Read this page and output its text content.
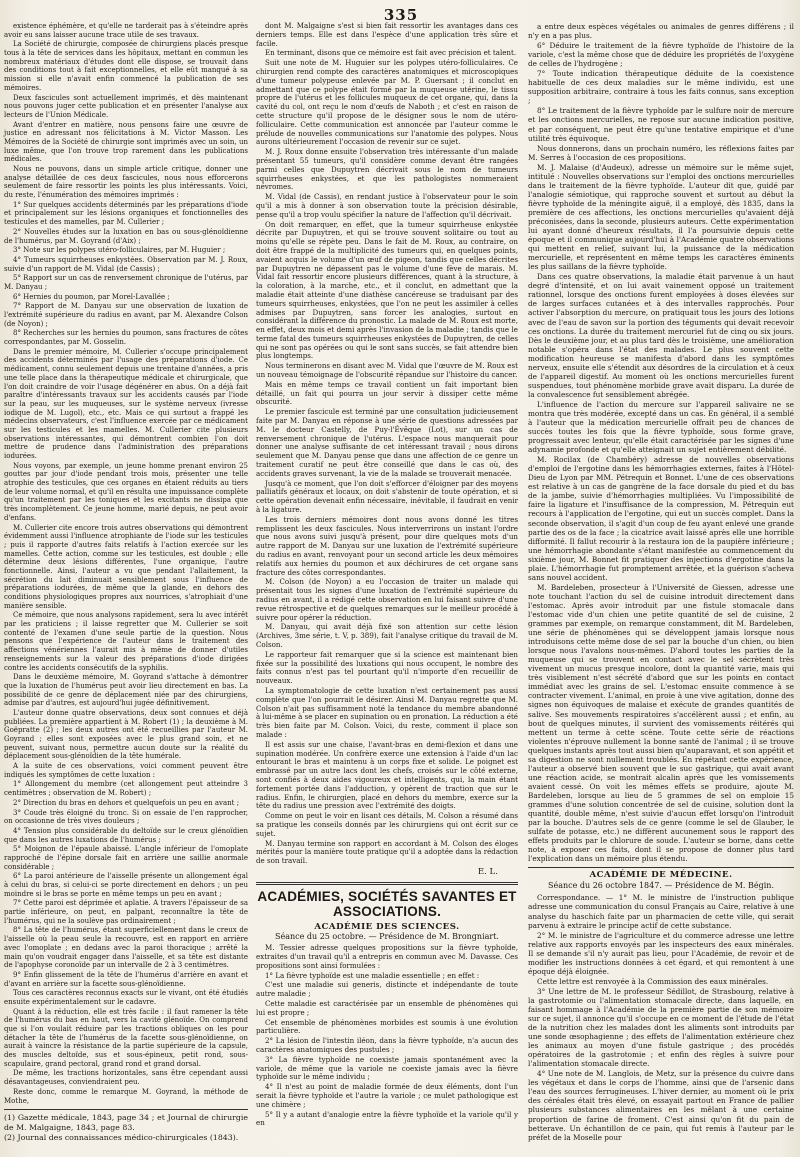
335

existence éphémère, et qu'elle ne tarderait pas à s'éteindre après avoir eu sans laisser aucune trace utile de ses travaux.

La Société de chirurgie, composée de chirurgiens placés presque tous à la tête de services dans les hôpitaux, mettant en commun les nombreux matériaux d'études dont elle dispose, se trouvait dans des conditions tout à fait exceptionnelles, et elle eût manqué à sa mission si elle n'avait enfin commencé la publication de ses mémoires.

Deux fascicules sont actuellement imprimés, et dès maintenant nous pouvons juger cette publication et en présenter l'analyse aux lecteurs de l'Union Médicale.

Avant d'entrer en matière, nous pensons faire une œuvre de justice en adressant nos félicitations à M. Victor Masson. Les Mémoires de la Société de chirurgie sont imprimés avec un soin, un luxe même, que l'on trouve trop rarement dans les publications médicales.

Nous ne pouvons, dans un simple article critique, donner une analyse détaillée de ces deux fascicules, nous nous efforcerons seulement de faire ressortir les points les plus intéressants. Voici, du reste, l'énumération des mémoires imprimés :

1° Sur quelques accidents déterminés par les préparations d'iode et principalement sur les lésions organiques et fonctionnelles des testicules et des mamelles, par M. Cullerier ;

2° Nouvelles études sur la luxation en bas ou sous-glénoïdienne de l'humérus, par M. Goyrand (d'Aix) ;

3° Note sur les polypes utéro-folliculaires, par M. Huguier ;

4° Tumeurs squirrheuses enkystées. Observation par M. J. Roux, suivie d'un rapport de M. Vidal (de Cassis) ;

5° Rapport sur un cas de renversement chronique de l'utérus, par M. Danyau ;

6° Hernies du poumon, par Morel-Lavallée ;

7° Rapport de M. Danyau sur une observation de luxation de l'extrémité supérieure du radius en avant, par M. Alexandre Colson (de Noyon) ;

8° Recherches sur les hernies du poumon, sans fractures de côtes correspondantes, par M. Gosselin.

Dans le premier mémoire, M. Cullerier s'occupe principalement des accidents déterminés par l'usage des préparations d'iode. Ce médicament, connu seulement depuis une trentaine d'années, a pris une telle place dans la thérapeutique médicale et chirurgicale, que l'on doit craindre de voir l'usage dégénérer en abus. On a déjà fait paraître d'intéressants travaux sur les accidents causés par l'iode sur la peau, sur les muqueuses, sur le système nerveux (ivresse iodique de M. Lugol), etc., etc. Mais ce qui surtout a frappé les médecins observateurs, c'est l'influence exercée par ce médicament sur les testicules et les mamelles. M. Cullerier cite plusieurs observations intéressantes, qui démontrent combien l'on doit mettre de prudence dans l'administration des préparations iodurées.

Nous voyons, par exemple, un jeune homme prenant environ 25 gouttes par jour d'iode pendant trois mois, présenter une telle atrophie des testicules, que ces organes en étaient réduits au tiers de leur volume normal, et qu'il en résulta une impuissance complète qu'un traitement par les toniques et les excitants ne dissipa que très incomplètement. Ce jeune homme, marié depuis, ne peut avoir d'enfans.

M. Cullerier cite encore trois autres observations qui démontrent évidemment aussi l'influence atrophiante de l'iode sur les testicules ; puis il rapporte d'autres faits relatifs à l'action exercée sur les mamelles. Cette action, comme sur les testicules, est double ; elle détermine deux lésions différentes, l'une organique, l'autre fonctionnelle. Ainsi, l'auteur a vu que pendant l'allaitement, la sécrétion du lait diminuait sensiblement sous l'influence de préparations iodurées, de même que la glande, en dehors des conditions physiologiques propres aux nourrices, s'atrophiait d'une manière sensible.

Ce mémoire, que nous analysons rapidement, sera lu avec intérêt par les praticiens ; il laisse regretter que M. Cullerier se soit contenté de l'examen d'une seule partie de la question. Nous pensons que l'expérience de l'auteur dans le traitement des affections vénériennes l'aurait mis à même de donner d'utiles renseignements sur la valeur des préparations d'iode dirigées contre les accidents consécutifs de la syphilis.

Dans le deuxième mémoire, M. Goyrand s'attache à démontrer que la luxation de l'humérus peut avoir lieu directement en bas. La possibilité de ce genre de déplacement niée par des chirurgiens, admise par d'autres, est aujourd'hui jugée définitivement.

L'auteur donne quatre observations, deux sont connues et déjà publiées. La première appartient à M. Robert (1) ; la deuxième à M. Goëpratte (2) ; les deux autres ont été recueillies par l'auteur M. Goyrand ; elles sont exposées avec le plus grand soin, et ne peuvent, suivant nous, permettre aucun doute sur la réalité du déplacement sous-glénoïdien de la tête humérale.

A la suite de ces observations, voici comment peuvent être indiqués les symptômes de cette luxation :

1° Allongement du membre (cet allongement peut atteindre 3 centimètres ; observation de M. Robert) ;

2° Direction du bras en dehors et quelquefois un peu en avant ;

3° Coude très éloigné du tronc. Si on essaie de l'en rapprocher, on occasionne de très vives douleurs ;

4° Tension plus considérable du deltoïde sur le creux glénoïdien que dans les autres luxations de l'humérus ;

5° Moignon de l'épaule abaissé. L'angle inférieur de l'omoplate rapproché de l'épine dorsale fait en arrière une saillie anormale considérable ;

6° La paroi antérieure de l'aisselle présente un allongement égal à celui du bras, si celui-ci se porte directement en dehors ; un peu moindre si le bras se porte en même temps un peu en avant ;

7° Cette paroi est déprimée et aplatie. A travers l'épaisseur de sa partie inférieure, on peut, en palpant, reconnaître la tête de l'humérus, qui ne la soulève pas ordinairement ;

8° La tête de l'humérus, étant superficiellement dans le creux de l'aisselle où la peau seule la recouvre, est en rapport en arrière avec l'omoplate ; en dedans avec la paroi thoracique ; arrêté la main qu'on voudrait engager dans l'aisselle, et sa tête est distante de l'apophyse coronoïde par un intervalle de 2 à 3 centimètres.

9° Enfin glissement de la tête de l'humérus d'arrière en avant et d'avant en arrière sur la facette sous-glénoïdienne.

Tous ces caractères reconnus exacts sur le vivant, ont été étudiés ensuite expérimentalement sur le cadavre.

Quant à la réduction, elle est très facile : il faut ramener la tête de l'humérus du bas en haut, vers la cavité glénoïde. On comprend que si l'on voulait réduire par les tractions obliques on les pour détacher la tête de l'humérus de la facette sous-glénoïdienne, on aurait à vaincre la résistance de la partie supérieure de la capsule, des muscles deltoïde, sus et sous-épineux, petit rond, sous-scapulaire, grand pectoral, grand rond et grand dorsal.

De même, les tractions horizontales, sans être cependant aussi désavantageuses, conviendraient peu.

Reste donc, comme le remarque M. Goyrand, la méthode de Mothe,

(1) Gazette médicale, 1843, page 34 ; et Journal de chirurgie de M. Malgaigne, 1843, page 83.

(2) Journal des connaissances médico-chirurgicales (1843).

dont M. Malgaigne s'est si bien fait ressortir les avantages dans ces derniers temps. Elle est dans l'espèce d'une application très sûre et facile.

En terminant, disons que ce mémoire est fait avec précision et talent.

Suit une note de M. Huguier sur les polypes utéro-folliculaires. Ce chirurgien rend compte des caractères anatomiques et microscopiques d'une tumeur polypeuse enlevée par M. P. Guersant ; il conclut en admettant que ce polype était formé par la muqueuse utérine, le tissu propre de l'utérus et les follicules muqueux de cet organe, qui, dans la cavité du col, ont reçu le nom d'œufs de Naboth ; et c'est en raison de cette structure qu'il propose de le désigner sous le nom de utéro-folliculaire. Cette communication est annoncée par l'auteur comme le prélude de nouvelles communications sur l'anatomie des polypes. Nous aurons ultérieurement l'occasion de revenir sur ce sujet.

M. J. Roux donne ensuite l'observation très intéressante d'un malade présentant 55 tumeurs, qu'il considère comme devant être rangées parmi celles que Dupuytren décrivait sous le nom de tumeurs squirrheuses enkystées, et que les pathologistes nommeraient névromes.

M. Vidal (de Cassis), en rendant justice à l'observateur pour le soin qu'il a mis à donner à son observation toute la précision désirable, pense qu'il a trop voulu spécifier la nature de l'affection qu'il décrivait.

On doit remarquer, en effet, que la tumeur squirrheuse enkystée décrite par Dupuytren, et qui se trouve souvent solitaire ou tout au moins qu'elle se répète peu. Dans le fait de M. Roux, au contraire, on doit être frappé de la multiplicité des tumeurs qui, en quelques points, avaient acquis le volume d'un œuf de pigeon, tandis que celles décrites par Dupuytren ne dépassent pas le volume d'une fève de marais. M. Vidal fait ressortir encore plusieurs différences, quant à la structure, à la coloration, à la marche, etc., et il conclut, en admettant que la maladie était atteinte d'une diathèse cancéreuse se traduisant par des tumeurs squirrheuses, enkystées, que l'on ne peut les assimiler à celles admises par Dupuytren, sans forcer les analogies, surtout en considérant la différence du pronostic. La malade de M. Roux est morte, en effet, deux mois et demi après l'invasion de la maladie ; tandis que le terme fatal des tumeurs squirrheuses enkystées de Dupuytren, de celles qui ne sont pas opérées ou qui le sont sans succès, se fait attendre bien plus longtemps.

Nous terminerons en disant avec M. Vidal que l'œuvre de M. Roux est un nouveau témoignage de l'obscurité répandue sur l'histoire du cancer.

Mais en même temps ce travail contient un fait important bien détaillé, un fait qui pourra un jour servir à dissiper cette même obscurité.

Le premier fascicule est terminé par une consultation judicieusement faite par M. Danyau en réponse à une série de questions adressées par M. le docteur Castelly, de Puy-l'Évêque (Lot), sur un cas de renversement chronique de l'utérus. L'espace nous manquerait pour donner une analyse suffisante de cet intéressant travail ; nous dirons seulement que M. Danyau pense que dans une affection de ce genre un traitement curatif ne peut être conseillé que dans le cas où, des accidents graves survenant, la vie de la malade se trouverait menacée.

Jusqu'à ce moment, que l'on doit s'efforcer d'éloigner par des moyens palliatifs généraux et locaux, on doit s'abstenir de toute opération, et si cette opération devenait enfin nécessaire, inévitable, il faudrait en venir à la ligature.

Les trois derniers mémoires dont nous avons donné les titres remplissent les deux fascicules. Nous interverrirons un instant l'ordre que nous avons suivi jusqu'à présent, pour dire quelques mots d'un autre rapport de M. Danyau sur une luxation de l'extrémité supérieure du radius en avant, renvoyant pour un second article les deux mémoires relatifs aux hernies du poumon et aux déchirures de cet organe sans fracture des côtes correspondantes.

M. Colson (de Noyon) a eu l'occasion de traiter un malade qui présentait tous les signes d'une luxation de l'extrémité supérieure du radius en avant, il a rédigé cette observation en lui faisant suivre d'une revue rétrospective et de quelques remarques sur le meilleur procédé à suivre pour opérer la réduction.

M. Danyau, qui avait déjà fixé son attention sur cette lésion (Archives, 3me série, t. V, p. 389), fait l'analyse critique du travail de M. Colson.

Le rapporteur fait remarquer que si la science est maintenant bien fixée sur la possibilité des luxations qui nous occupent, le nombre des faits connus n'est pas tel pourtant qu'il n'importe d'en recueillir de nouveaux.

La symptomatologie de cette luxation n'est certainement pas aussi complète que l'on pourrait le désirer. Ainsi M. Danyau regrette que M. Colson n'ait pas suffisamment noté la tendance du membre abandonné à lui-même à se placer en supination ou en pronation. La réduction a été très bien faite par M. Colson. Voici, du reste, comment il place son malade :

Il est assis sur une chaise, l'avant-bras en demi-flexion et dans une supination modérée. Un confrère exerce une extension à l'aide d'un lac entourant le bras et maintenu à un corps fixe et solide. Le poignet est embrassé par un autre lacs dont les chefs, croisés sur le côté externe, sont confiés à deux aides vigoureux et intelligents, qui, la main étant fortement portée dans l'adduction, y opèrent de traction que sur le radius. Enfin, le chirurgien, placé en dehors du membre, exerce sur la tête du radius une pression avec l'extrémité des doigts.

Comme on peut le voir en lisant ces détails, M. Colson a résumé dans sa pratique les conseils donnés par les chirurgiens qui ont écrit sur ce sujet.

M. Danyau termine son rapport en accordant à M. Colson des éloges mérités pour la manière toute pratique qu'il a adoptée dans la rédaction de son travail.

E. L.
ACADÉMIES, SOCIÉTÉS SAVANTES ET ASSOCIATIONS.
ACADÉMIE DES SCIENCES.
Séance du 25 octobre. — Présidence de M. Brongniart.

M. Tessier adresse quelques propositions sur la fièvre typhoïde, extraites d'un travail qu'il a entrepris en commun avec M. Davasse. Ces propositions sont ainsi formulées :

1° La fièvre typhoïde est une maladie essentielle ; en effet :

C'est une maladie sui generis, distincte et indépendante de toute autre maladie ;

Cette maladie est caractérisée par un ensemble de phénomènes qui lui est propre ;

Cet ensemble de phénomènes morbides est soumis à une évolution particulière.

2° La lésion de l'intestin iléon, dans la fièvre typhoïde, n'a aucun des caractères anatomiques des pustules ;

3° La fièvre typhoïde ne coexiste jamais spontanément avec la variole, de même que la variole ne coexiste jamais avec la fièvre typhoïde sur le même individu ;

4° Il n'est au point de maladie formée de deux éléments, dont l'un serait la fièvre typhoïde et l'autre la variole ; ce mulet pathologique est une chimère ;

5° Il y a autant d'analogie entre la fièvre typhoïde et la variole qu'il y en

a entre deux espèces végétales ou animales de genres différens ; il n'y en a pas plus.

6° Déduire le traitement de la fièvre typhoïde de l'histoire de la variole, c'est la même chose que de déduire les propriétés de l'oxygène de celles de l'hydrogène ;

7° Toute indication thérapeutique déduite de la coexistence habituelle de ces deux maladies sur le même individu, est une supposition arbitraire, contraire à tous les faits connus, sans exception ;

8° Le traitement de la fièvre typhoïde par le sulfure noir de mercure et les onctions mercurielles, ne repose sur aucune indication positive, et par conséquent, ne peut être qu'une tentative empirique et d'une utilité très équivoque.

Nous donnerons, dans un prochain numéro, les réflexions faites par M. Serres à l'occasion de ces propositions.

M. J. Malaise (d'Audeux), adresse un mémoire sur le même sujet, intitulé : Nouvelles observations sur l'emploi des onctions mercurielles dans le traitement de la fièvre typhoïde. L'auteur dit que, guidé par l'analogie sémiotique, qui rapproche souvent et surtout au début la fièvre typhoïde de la méningite aiguë, il a employé, dès 1835, dans la première de ces affections, les onctions mercurielles qu'avaient déjà préconisées, dans la seconde, plusieurs auteurs. Cette expérimentation lui ayant donné d'heureux résultats, il l'a poursuivie depuis cette époque et il communique aujourd'hui à l'Académie quatre observations qui mettent en relief, suivant lui, la puissance de la médication mercurielle, et représentent en même temps les caractères éminents les plus saillans de la fièvre typhoïde.

Dans ces quatre observations, la maladie était parvenue à un haut degré d'intensité, et on lui avait vainement opposé un traitement rationnel, lorsque des onctions furent employées à doses élevées sur de larges surfaces cutanées et à des intervalles rapprochés. Pour activer l'absorption du mercure, on pratiquait tous les jours des lotions avec de l'eau de savon sur la portion des téguments qui devait recevoir ces onctions. La durée du traitement mercuriel fut de cinq ou six jours. Dès le deuxième jour, et au plus tard dès le troisième, une amélioration notable s'opéra dans l'état des malades. Le plus souvent cette modification heureuse se manifesta d'abord dans les symptômes nerveux, ensuite elle s'étendit aux désordres de la circulation et à ceux de l'appareil digestif. Au moment où les onctions mercurielles furent suspendues, tout phénomène morbide grave avait disparu. La durée de la convalescence fut sensiblement abrégée.

L'influence de l'action du mercure sur l'appareil salivaire ne se montra que très modérée, excepté dans un cas. En général, il a semblé à l'auteur que la médication mercurielle offrait peu de chances de succès toutes les fois que la fièvre typhoïde, sous forme grave, progressait avec lenteur, qu'elle était caractérisée par les signes d'une adynamie profonde et qu'elle atteignait un sujet entièrement débilité.

M. Rocilax (de Chambéry) adresse de nouvelles observations d'emploi de l'ergotine dans les hémorrhagies externes, faites à l'Hôtel-Dieu de Lyon par MM. Pétrequin et Bonnet. L'une de ces observations est relative à un cas de gangrène de la face dorsale du pied et du bas de la jambe, suivie d'hémorrhagies multipliées. Vu l'impossibilité de faire la ligature et l'insuffisance de la compression, M. Pétrequin eut recours à l'application de l'ergotine, qui eut un succès complet. Dans la seconde observation, il s'agit d'un coup de feu ayant enlevé une grande partie des os de la face ; la cicatrice avait laissé après elle une horrible difformité. Il fallut recourir à la restaura ion de la paupière inférieure ; une hémorrhagie abondante s'étant manifestée au commencement du sixième jour, M. Bonnet fit pratiquer des injections d'ergotine dans la plaie. L'hémorrhagie fut promptement arrêtée, et la guérison s'acheva sans nouvel accident.

M. Bardeleben, prosecteur à l'Université de Giessen, adresse une note touchant l'action du sel de cuisine introduit directement dans l'estomac. Après avoir introduit par une fistule stomacale dans l'estomac vide d'un chien une petite quantité de sel de cuisine, 2 grammes par exemple, on remarque constamment, dit M. Bardeleben, une série de phénomènes qui se développent jamais lorsque nous introduisons cette même dose de sel par la bouche d'un chien, ou bien lorsque nous l'avalons nous-mêmes. D'abord toutes les parties de la muqueuse qui se trouvent en contact avec le sel sécrètent très vivement un mucus presque incolore, dont la quantité varie, mais qui très visiblement n'est sécrété d'abord que sur les points en contact immédiat avec les grains de sel. L'estomac ensuite commence à se contracter vivement. L'animal, en proie à une vive agitation, donne des signes non équivoques de malaise et exécute de grandes quantités de salive. Ses mouvements respiratoires s'accélèrent aussi ; et enfin, au bout de quelques minutes, il survient des vomissements réitérés qui mettent un terme à cette scène. Toute cette série de réactions violentes n'éprouve nullement la bonne santé de l'animal ; il se trouve quelques instants après tout aussi bien qu'auparavant, et son appétit et sa digestion ne sont nullement troublés. En répétant cette expérience, l'auteur a observé bien souvent que le suc gastrique, qui avait avant une réaction acide, se montrait alcalin après que les vomissements avaient cessé. On voit les mêmes effets se produire, ajoute M. Bardeleben, lorsque au lieu de 5 grammes de sel on emploie 15 grammes d'une solution concentrée de sel de cuisine, solution dont la quantité, double même, n'est suivie d'aucun effet lorsqu'on l'introduit par la bouche. D'autres sels de ce genre (comme le sel de Glauber, le sulfate de potasse, etc.) ne diffèrent aucunement sous le rapport des effets produits par le chlorure de soude. L'auteur se borne, dans cette note, à exposer ces faits, dont il se propose de donner plus tard l'explication dans un mémoire plus étendu.

ACADÉMIE DE MÉDECINE.
Séance du 26 octobre 1847. — Présidence de M. Bégin.

Correspondance. — 1° M. le ministre de l'instruction publique adresse une communication du consul Français au Caire, relative à une analyse du haschich faite par un pharmacien de cette ville, qui serait parvenu à extraire le principe actif de cette substance.

2° M. le ministre de l'agriculture et du commerce adresse une lettre relative aux rapports envoyés par les inspecteurs des eaux minérales. Il se demande s'il n'y aurait pas lieu, pour l'Académie, de revoir et de modifier les instructions données à cet égard, et qui remontent à une époque déjà éloignée.

Cette lettre est renvoyée à la Commission des eaux minérales.

3° Une lettre de M. le professeur Sédillot, de Strasbourg, relative à la gastrotomie ou l'alimentation stomacale directe, dans laquelle, en faisant hommage à l'Académie de la première partie de son mémoire sur ce sujet, il annonce qu'il s'occupe en ce moment de l'étude de l'état de la nutrition chez les malades dont les aliments sont introduits par une sonde œsophagienne ; des effets de l'alimentation extérieure chez les animaux au moyen d'une fistule gastrique ; des procédés opératoires de la gastrotomie ; et enfin des règles à suivre pour l'alimentation stomacale directe.

4° Une note de M. Langlois, de Metz, sur la présence du cuivre dans les végétaux et dans le corps de l'homme, ainsi que de l'arsenic dans l'eau des sources ferrugineuses. L'hiver dernier, au moment où le prix des céréales était très élevé, on essayait partout en France de pallier plusieurs substances alimentaires en les mêlant à une certaine proportion de farine de froment. C'est ainsi qu'on fit du pain de betterave. Un échantillon de ce pain, qui fut remis à l'auteur par le préfet de la Moselle pour
